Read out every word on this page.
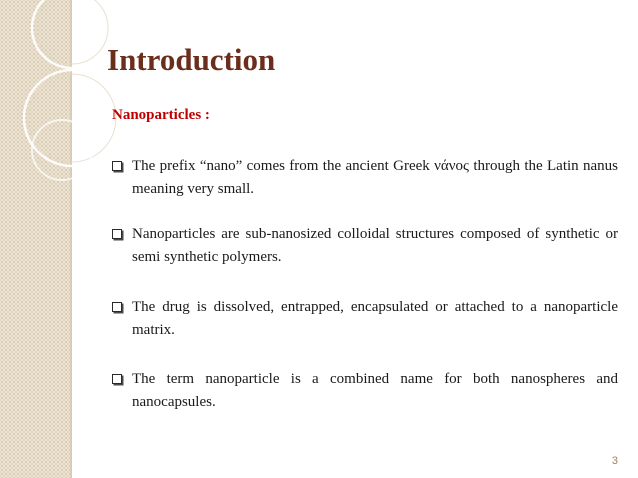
Introduction

Nanoparticles :

The prefix “nano” comes from the ancient Greek νάνος through the Latin nanus meaning very small.
Nanoparticles are sub-nanosized colloidal structures composed of synthetic or semi synthetic polymers.
The drug is dissolved, entrapped, encapsulated or attached to a nanoparticle matrix.
The term nanoparticle is a combined name for both nanospheres and nanocapsules.
3
